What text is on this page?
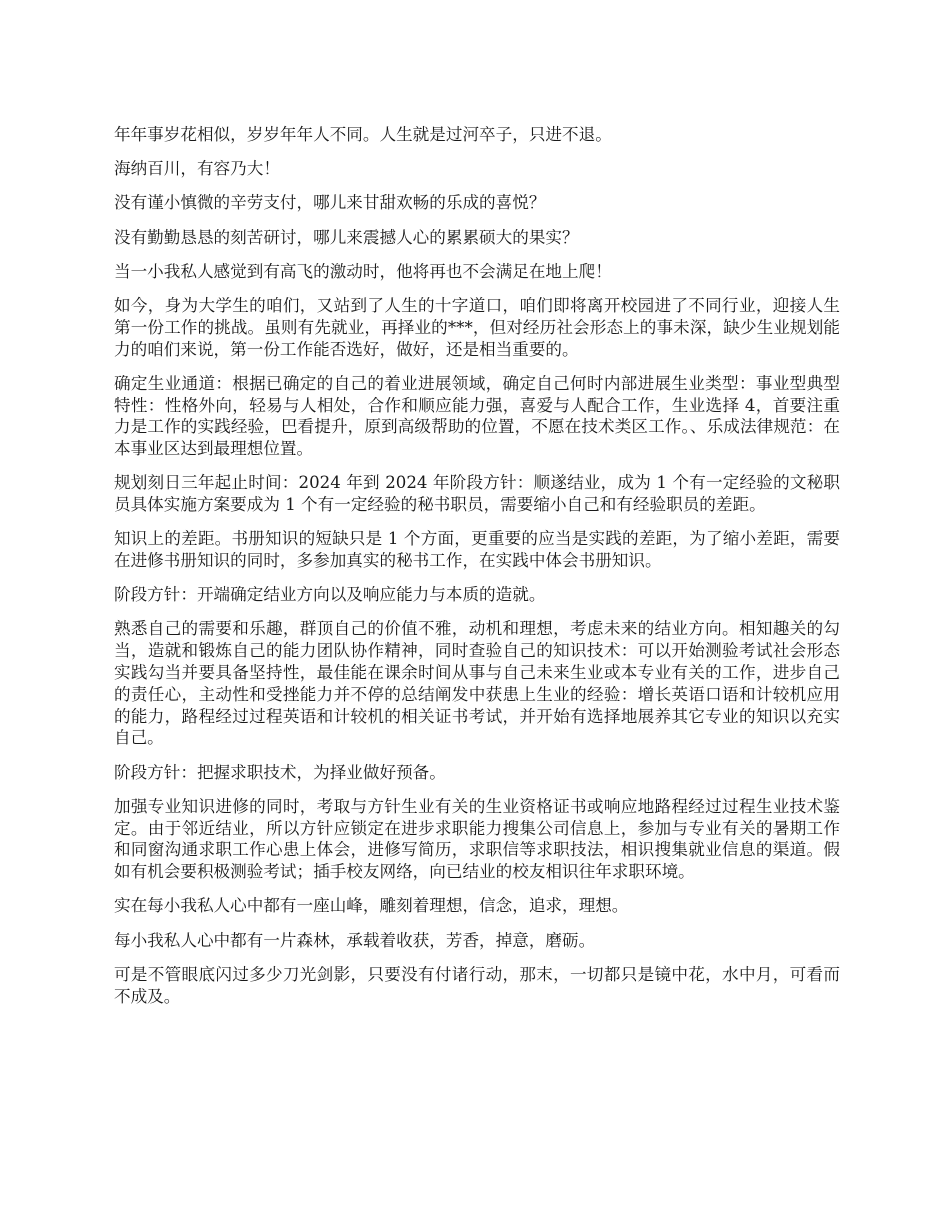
年年事岁花相似，岁岁年年人不同。人生就是过河卒子，只进不退。

海纳百川，有容乃大！

没有谨小慎微的辛劳支付，哪儿来甘甜欢畅的乐成的喜悦？

没有勤勤恳恳的刻苦研讨，哪儿来震撼人心的累累硕大的果实？

当一小我私人感觉到有高飞的激动时，他将再也不会满足在地上爬！

如今，身为大学生的咱们，又站到了人生的十字道口，咱们即将离开校园进了不同行业，迎接人生第一份工作的挑战。虽则有先就业，再择业的***，但对经历社会形态上的事未深，缺少生业规划能力的咱们来说，第一份工作能否选好，做好，还是相当重要的。

确定生业通道：根据已确定的自己的着业进展领域，确定自己何时内部进展生业类型：事业型典型特性：性格外向，轻易与人相处，合作和顺应能力强，喜爱与人配合工作，生业选择 4，首要注重力是工作的实践经验，巴看提升，原到高级帮助的位置，不愿在技术类区工作。、乐成法律规范：在本事业区达到最理想位置。

规划刻日三年起止时间：2024 年到 2024 年阶段方针：顺遂结业，成为 1 个有一定经验的文秘职员具体实施方案要成为 1 个有一定经验的秘书职员，需要缩小自己和有经验职员的差距。

知识上的差距。书册知识的短缺只是 1 个方面，更重要的应当是实践的差距，为了缩小差距，需要在进修书册知识的同时，多参加真实的秘书工作，在实践中体会书册知识。

阶段方针：开端确定结业方向以及响应能力与本质的造就。

熟悉自己的需要和乐趣，群顶自己的价值不雅，动机和理想，考虑未来的结业方向。相知趣关的勾当，造就和锻炼自己的能力团队协作精神，同时查验自己的知识技术：可以开始测验考试社会形态实践勾当并要具备坚持性，最佳能在课余时间从事与自己未来生业或本专业有关的工作，进步自己的责任心，主动性和受挫能力并不停的总结阐发中获患上生业的经验：增长英语口语和计较机应用的能力，路程经过过程英语和计较机的相关证书考试，并开始有选择地展养其它专业的知识以充实自己。

阶段方针：把握求职技术，为择业做好预备。

加强专业知识进修的同时，考取与方针生业有关的生业资格证书或响应地路程经过过程生业技术鉴定。由于邻近结业，所以方针应锁定在进步求职能力搜集公司信息上，参加与专业有关的暑期工作和同窗沟通求职工作心患上体会，进修写简历，求职信等求职技法，相识搜集就业信息的渠道。假如有机会要积极测验考试；插手校友网络，向已结业的校友相识往年求职环境。

实在每小我私人心中都有一座山峰，雕刻着理想，信念，追求，理想。

每小我私人心中都有一片森林，承载着收获，芳香，掉意，磨砺。

可是不管眼底闪过多少刀光剑影，只要没有付诸行动，那末，一切都只是镜中花，水中月，可看而不成及。
